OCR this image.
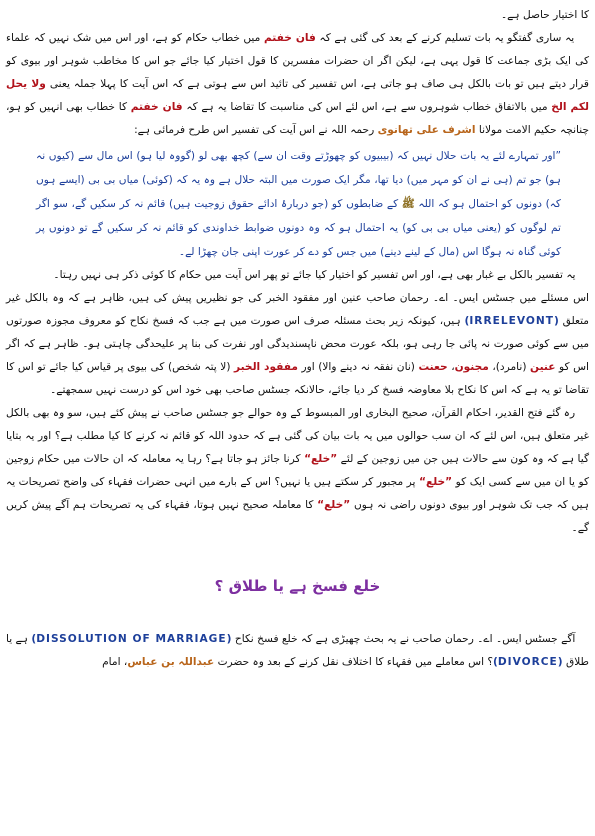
کا اختیار حاصل ہے۔

یہ ساری گفتگو یہ بات تسلیم کرنے کے بعد کی گئی ہے کہ فان خفتم میں خطاب حکام کو ہے، اور اس میں شک نہیں کہ علماء کی ایک بڑی جماعت کا قول یہی ہے، لیکن اگر ان حضرات مفسرین کا قول اختیار کیا جائے جو اس کا مخاطب شوہر اور بیوی کو قرار دیتے ہیں تو بات بالکل ہی صاف ہو جاتی ہے، اس تفسیر کی تائید اس سے ہوتی ہے کہ اس آیت کا پہلا جملہ یعنی ولا یحل لکم الخ میں بالاتفاق خطاب شوہروں سے ہے، اس لئے اس کی مناسبت کا تقاضا یہ ہے کہ فان خفتم کا خطاب بھی انہیں کو ہو، چنانچہ حکیم الامت مولانا اشرف علی تھانوی رحمہ اللہ نے اس آیت کی تفسیر اس طرح فرمائی ہے:

”اور تمہارے لئے یہ بات حلال نہیں کہ (بیبیوں کو چھوڑتے وقت ان سے) کچھ بھی لو (گووہ لیا ہو) اس مال سے (کیوں نہ ہو) جو تم (ہی نے ان کو مہر میں) دیا تھا، مگر ایک صورت میں البتہ حلال ہے وہ یہ کہ (کوئی) میاں بی بی (ایسے ہوں کہ) دونوں کو احتمال ہو کہ اللہ ﷺ کے ضابطوں کو (جو دربارۂ ادائے حقوق زوجیت ہیں) قائم نہ کر سکیں گے، سو اگر تم لوگوں کو (یعنی میاں بی بی کو) یہ احتمال ہو کہ وہ دونوں ضوابط خداوندی کو قائم نہ کر سکیں گے تو دونوں پر کوئی گناہ نہ ہوگا اس (مال کے لینے دینے) میں جس کو دے کر عورت اپنی جان چھڑا لے۔

یہ تفسیر بالکل بے غبار بھی ہے، اور اس تفسیر کو اختیار کیا جائے تو پھر اس آیت میں حکام کا کوئی ذکر ہی نہیں رہتا۔

اس مسئلے میں جسٹس ایس۔ اے۔ رحمان صاحب عنین اور مفقود الخبر کی جو نظیریں پیش کی ہیں، ظاہر ہے کہ وہ بالکل غیر متعلق (IRRELEVONT) ہیں، کیونکہ زیر بحث مسئلہ صرف اس صورت میں ہے جب کہ فسخ نکاح کو معروف مجوزہ صورتوں میں سے کوئی صورت نہ پائی جا رہی ہو، بلکہ عورت محض ناپسندیدگی اور نفرت کی بنا پر علیحدگی چاہتی ہو۔ ظاہر ہے کہ اگر اس کو عنین (نامرد)، مجنون، حعنت (نان نفقہ نہ دینے والا) اور مفقود الخبر (لا پتہ شخص) کی بیوی پر قیاس کیا جائے تو اس کا تقاضا تو یہ ہے کہ اس کا نکاح بلا معاوضہ فسخ کر دیا جائے، حالانکہ جسٹس صاحب بھی خود اس کو درست نہیں سمجھتے۔

رہ گئے فتح القدیر، احکام القرآن، صحیح البخاری اور المبسوط کے وہ حوالے جو جسٹس صاحب نے پیش کئے ہیں، سو وہ بھی بالکل غیر متعلق ہیں، اس لئے کہ ان سب حوالوں میں یہ بات بیان کی گئی ہے کہ حدود اللہ کو قائم نہ کرنے کا کیا مطلب ہے؟ اور یہ بتایا گیا ہے کہ وہ کون سے حالات ہیں جن میں زوجین کے لئے ”خلع“ کرنا جائز ہو جاتا ہے؟ رہا یہ معاملہ کہ ان حالات میں حکام زوجین کو یا ان میں سے کسی ایک کو ”خلع“ پر مجبور کر سکتے ہیں یا نہیں؟ اس کے بارے میں انہی حضرات فقہاء کی واضح تصریحات یہ ہیں کہ جب تک شوہر اور بیوی دونوں راضی نہ ہوں ”خلع“ کا معاملہ صحیح نہیں ہوتا، فقہاء کی یہ تصریحات ہم آگے پیش کریں گے۔

خلع فسخ ہے یا طلاق ؟

آگے جسٹس ایس۔ اے۔ رحمان صاحب نے یہ بحث چھیڑی ہے کہ خلع فسخ نکاح (DISSOLUTION OF MARRIAGE) ہے یا طلاق (DIVORCE)؟ اس معاملے میں فقہاء کا اختلاف نقل کرنے کے بعد وہ حضرت عبداللہ بن عباس، امام
